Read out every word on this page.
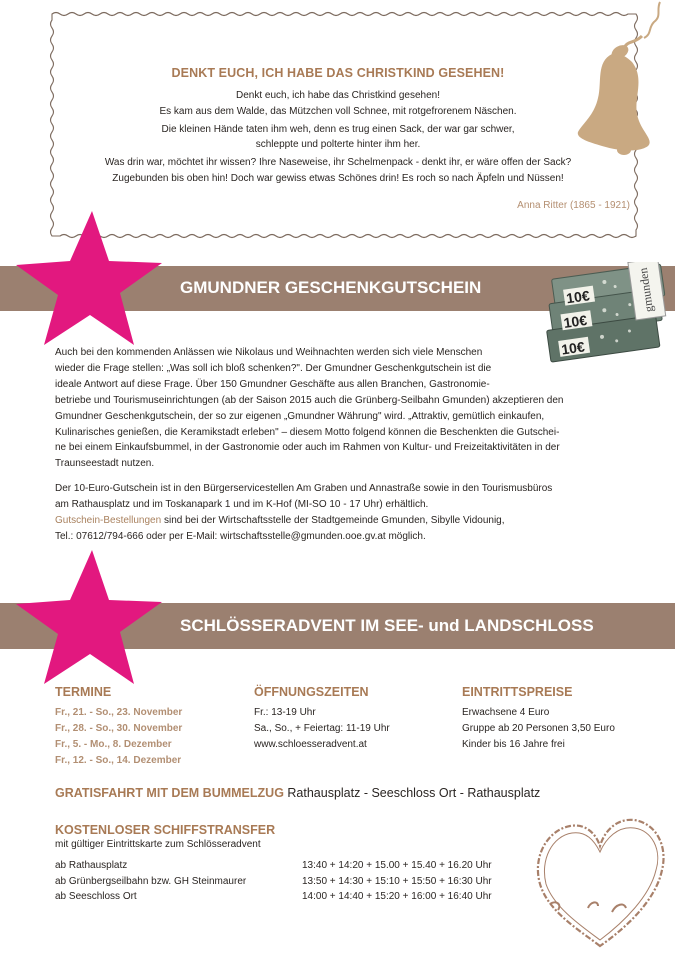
DENKT EUCH, ICH HABE DAS CHRISTKIND GESEHEN!

Denkt euch, ich habe das Christkind gesehen!

Es kam aus dem Walde, das Mützchen voll Schnee, mit rotgefrorenem Näschen.

Die kleinen Hände taten ihm weh, denn es trug einen Sack, der war gar schwer,

schleppte und polterte hinter ihm her.

Was drin war, möchtet ihr wissen? Ihre Naseweise, ihr Schelmenpack - denkt ihr, er wäre offen der Sack?

Zugebunden bis oben hin! Doch war gewiss etwas Schönes drin! Es roch so nach Äpfeln und Nüssen!

Anna Ritter (1865 - 1921)
GMUNDNER GESCHENKGUTSCHEIN	10€
10€
10€
gmunden

Auch bei den kommenden Anlässen wie Nikolaus und Weihnachten werden sich viele Menschen

wieder die Frage stellen: „Was soll ich bloß schenken?". Der Gmundner Geschenkgutschein ist die

ideale Antwort auf diese Frage. Über 150 Gmundner Geschäfte aus allen Branchen, Gastronomie-

betriebe und Tourismuseinrichtungen (ab der Saison 2015 auch die Grünberg-Seilbahn Gmunden) akzeptieren den

Gmundner Geschenkgutschein, der so zur eigenen „Gmundner Währung" wird. „Attraktiv, gemütlich einkaufen,

Kulinarisches genießen, die Keramikstadt erleben" – diesem Motto folgend können die Beschenkten die Gutschei-

ne bei einem Einkaufsbummel, in der Gastronomie oder auch im Rahmen von Kultur- und Freizeitaktivitäten in der

Traunseestadt nutzen.

Der 10-Euro-Gutschein ist in den Bürgerservicestellen Am Graben und Annastraße sowie in den Tourismusbüros

am Rathausplatz und im Toskanapark 1 und im K-Hof (MI-SO 10 - 17 Uhr) erhältlich.

Gutschein-Bestellungen sind bei der Wirtschaftsstelle der Stadtgemeinde Gmunden, Sibylle Vidounig,

Tel.: 07612/794-666 oder per E-Mail: wirtschaftsstelle@gmunden.ooe.gv.at möglich.

SCHLÖSSERADVENT IM SEE- und LANDSCHLOSS
TERMINE
Fr., 21. - So., 23. November
Fr., 28. - So., 30. November
Fr., 5. - Mo., 8. Dezember
Fr., 12. - So., 14. Dezember
ÖFFNUNGSZEITEN
Fr.: 13-19 Uhr
Sa., So., + Feiertag: 11-19 Uhr
www.schloesseradvent.at
EINTRITTSPREISE
Erwachsene 4 Euro
Gruppe ab 20 Personen 3,50 Euro
Kinder bis 16 Jahre frei
GRATISFAHRT MIT DEM BUMMELZUG Rathausplatz - Seeschloss Ort - Rathausplatz
KOSTENLOSER SCHIFFSTRANSFER
mit gültiger Eintrittskarte zum Schlösseradvent
ab Rathausplatz	13:40 + 14:20 + 15.00 + 15.40 + 16.20 Uhr
ab Grünbergseilbahn bzw. GH Steinmaurer	13:50 + 14:30 + 15:10 + 15:50 + 16:30 Uhr
ab Seeschloss Ort	14:00 + 14:40 + 15:20 + 16:00 + 16:40 Uhr
